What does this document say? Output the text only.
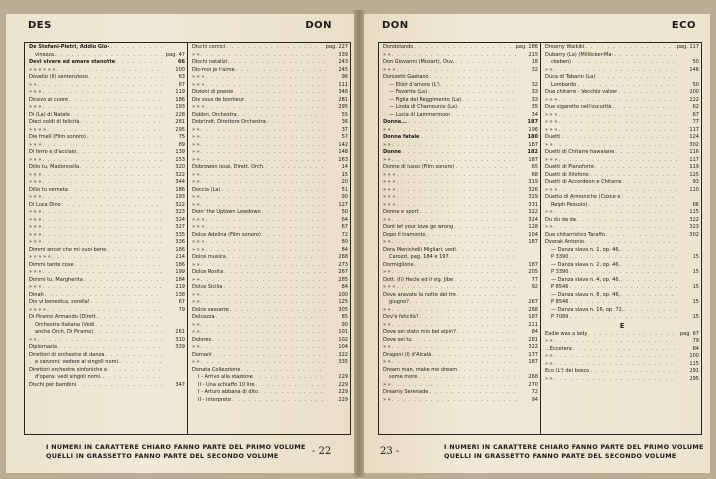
DES	DON
De Stefani-Pietri, Addio Glo-
. . .
vinezza . . .	pag. 47
Devi vivere ed amare stanotte . . .	66
» » » » » » . . .	100
Dovello (Il) sentenzioso . . .	63
» » . . .	67
» » » . . .	119
Dicevo al cuore . . .	186
» » » . . .	193
Di (La) di Natale . . .	228
Dieci soldi di felicità . . .	281
» » » » . . .	295
Die fmell (Film sonoro) . . .	75
» » » . . .	89
Di ferro e d'acciaio . . .	139
» » » . . .	153
Dillo tu, Madonnella . . .	320
» » » . . .	322
» » » . . .	344
Dillo tu verneta . . .	186
» » » . . .	193
Di Luca Dino . . .	322
» » » . . .	323
» » » . . .	324
» » » . . .	327
» » » . . .	335
» » » . . .	336
Dimmi ancor che mi vuoi bene . . .	186
» » » » » . . .	214
Dimmi tante cose . . .	186
» » » . . .	199
Dimmi tu, Margherita . . .	184
» » » . . .	219
Dinah . . .	138
Dio vi benedica, sorella! . . .	67
» » » » . . .	79
Di Piramo Armando (Dirett.
. . .
Orchestra Italiana (Vedi
. . .
anche Orch. Di Piramo) . . .	261
» » . . .	310
Diplomazia . . .	339
Direttori di orchestre di danza
. . .
e canzoni: vedere ai singoli nomi.
. . .
Direttori orchestre sinfoniche e
. . .
d'opera: vedi singoli nomi.
. . .
Dischi per bambini . . .	347
Dischi comici . . .	pag. 227
» » . . .	339
Dischi natalizi . . .	243
Dis-moi je t'aime . . .	245
» » » . . .	96
» » » . . .	111
Dizioni di poesie . . .	348
Dix sous de bonheur . . .	281
» » » . . .	295
Dobbri, Orchestra . . .	55
Dobrindt, Direttore Orchestra . . .	36
» » . . .	37
» » . . .	57
» » . . .	142
» » . . .	148
» » . . .	163
Dobrowen Issai, Dirett. Orch. . . .	14
» » . . .	15
» » . . .	20
Doccia (La) . . .	51
» » . . .	90
» » . . .	127
Doin' the Uptown Lowdown . . .	50
» » » . . .	64
» » » . . .	67
Dolce Adelina (Film sonoro) . . .	72
» » » . . .	80
» » » . . .	84
Dolce musica . . .	268
» » . . .	273
Dolce Rosita . . .	267
» » . . .	285
Dolce Sicilia . . .	84
» » . . .	100
» » . . .	125
Dolce sassarre . . .	305
Dolcezza . . .	85
» » . . .	90
» » . . .	101
Dolores . . .	102
» » . . .	104
Domani . . .	322
» » . . .	335
Donata Collezzione
. . .
I - Arrivo alla stazione . . .	229
II - Una schiaffo 10 lire . . .	229
I - Arturo abbana di dito . . .	229
II - Interprete . . .	229
I NUMERI IN CARATTERE CHIARO FANNO PARTE DEL PRIMO VOLUME
QUELLI IN GRASSETTO FANNO PARTE DEL SECONDO VOLUME	- 22
DON	ECO
Dondolando . . .	pag. 186
» » . . .	215
Don Giovanni (Mozart), Ouv. . . .	18
» » » . . .	32
Donizetti Gaetano
. . .
— Elisir d'amore (L') . . .	32
— Favorita (La) . . .	33
— Figlia del Reggimento (La) . . .	33
— Linda di Chamounix (La) . . .	35
— Lucia di Lammermoor . . .	34
Donna... . . .	187
» » . . .	196
Donna fatale . . .	180
» » . . .	187
Donne . . .	182
» » . . .	187
Donne di lusso (Film sonoro) . . .	65
» » » . . .	68
» » » . . .	319
» » » . . .	326
» » » . . .	329
» » » . . .	331
Donne e sport . . .	322
» » . . .	324
Dont let your love go wrong . . .	128
Dopo il tramonto . . .	104
» » . . .	187
Dora Menichelli Migliari, vedi
. . .
Carozzi, pag. 184 e 197.
. . .
Dormiglione . . .	187
» » . . .	205
Dott. (Il) Hecle ed il sig. Jibe . . .	77
» » » . . .	92
Dove aravate la notte del tre
. . .
giugno? . . .	267
» » . . .	268
Dov'è felicità? . . .	187
» » . . .	211
Dove sei stato mio bel alpin? . . .	84
Dove sei tu . . .	281
» » . . .	322
Dragoni (I) d'Alcalà . . .	177
» » . . .	187
Dream man, make me dream
. . .
some more . . .	268
» » . . .	270
Dreamy Serenade . . .	72
» » . . .	94
Dreamy Waikiki . . .	pag. 117
Dubarry (La) (Millöcker-Ma-
. . .
ckeben) . . .	50
» » . . .	146
Duca di Tabarin (La)
. . .
Lombardo . . .	50
Due chitarre - Vecchio valzer . . .	200
» » » . . .	222
Due sigarette nell'oscurità . . .	62
» » » . . .	67
» » » . . .	77
» » » . . .	117
Duetti . . .	124
» » . . .	302
Duetti di Chitarre hawaiane . . .	116
» » » . . .	117
Duetti di Pianoforte . . .	119
Duetti di Xilofono . . .	125
Duetti di Accordeon e Chitarra . . .	93
» » » . . .	110
Duetto di Armoniche (Coxce e
. . .
Relph Pessolo) . . .	66
» » . . .	115
Du du da da . . .	322
» » . . .	323
Due chitarristico Taraffo . . .	302
Dvorak Antonio
. . .
— Danza slava n. 1, op. 46,
. . .
P 3390 . . .	15
— Danza slava n. 2, op. 46,
. . .
P 3390 . . .	15
— Danza slava n. 4, op. 46,
. . .
P 8546 . . .	15
— Danza slava n. 8, op. 46,
. . .
P 8546 . . .	15
— Danza slava n. 16, op. 72,
. . .
P 7089 . . .	15
E
Eadie was a lady . . .	pag. 67
» » . . .	79
...Eccetera . . .	84
» » . . .	100
» » . . .	115
Eco (L') del bosco . . .	291
» » . . .	295
23 -	I NUMERI IN CARATTERE CHIARO FANNO PARTE DEL PRIMO VOLUME
QUELLI IN GRASSETTO FANNO PARTE DEL SECONDO VOLUME
